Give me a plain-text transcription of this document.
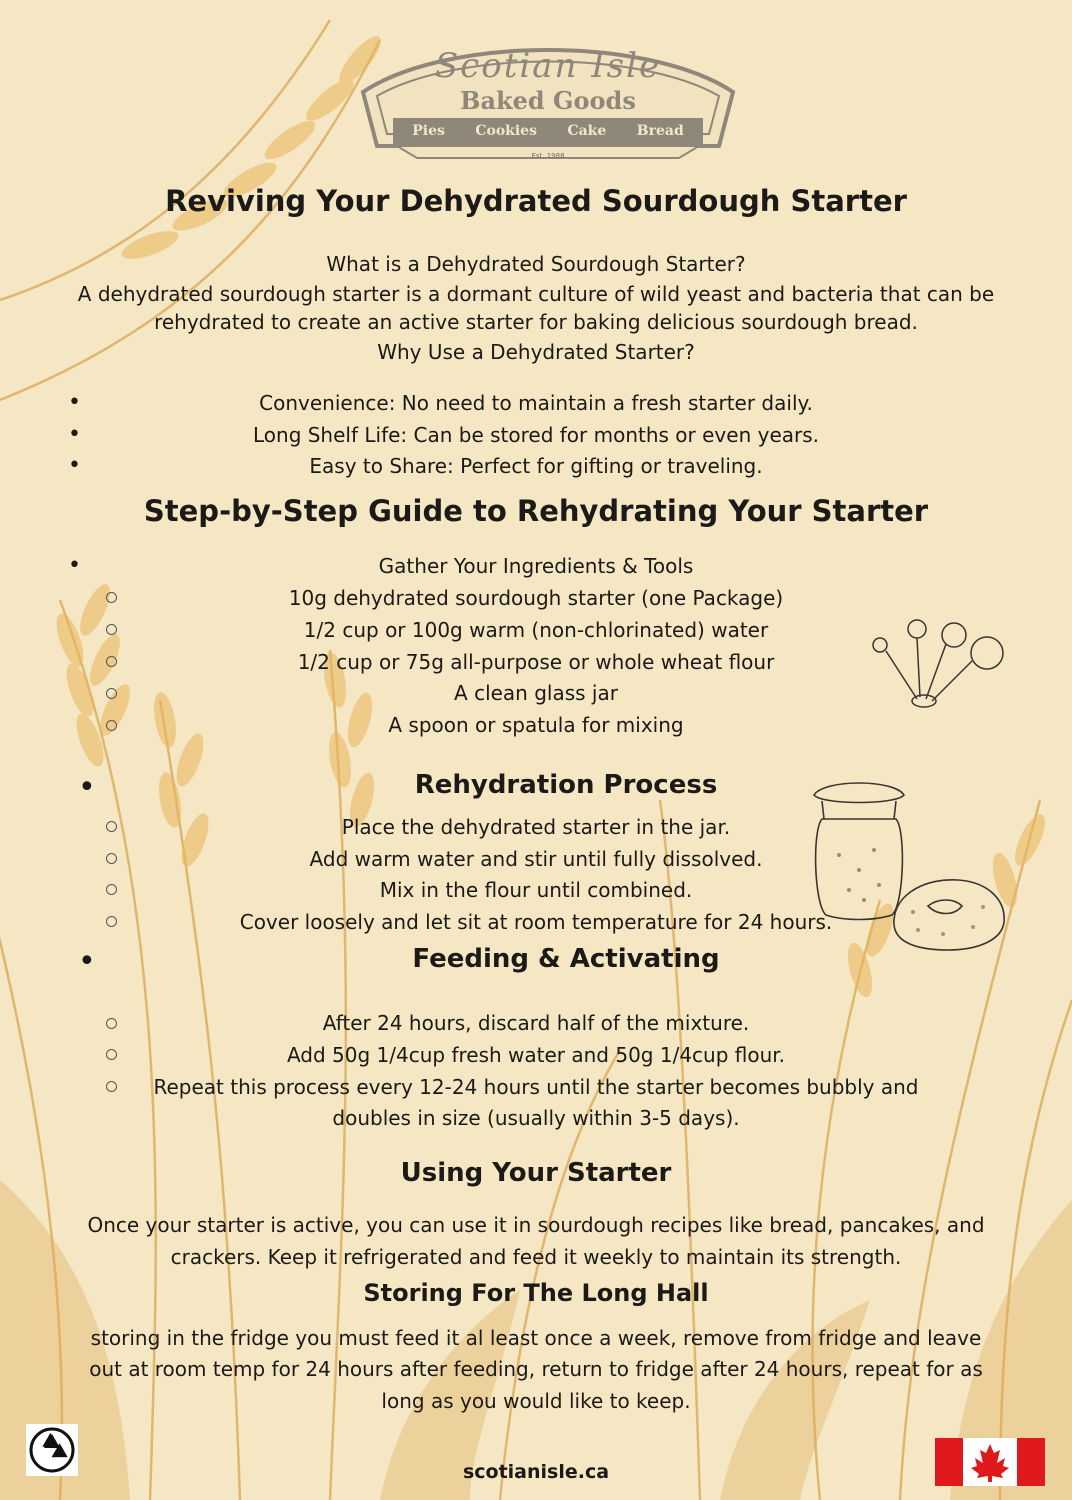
Scotian Isle
Baked Goods
Pies Cookies Cake Bread
Est. 1988
Reviving Your Dehydrated Sourdough Starter
What is a Dehydrated Sourdough Starter?
A dehydrated sourdough starter is a dormant culture of wild yeast and bacteria that can be
rehydrated to create an active starter for baking delicious sourdough bread.
Why Use a Dehydrated Starter?
•	Convenience: No need to maintain a fresh starter daily.
•	Long Shelf Life: Can be stored for months or even years.
•	Easy to Share: Perfect for gifting or traveling.
Step-by-Step Guide to Rehydrating Your Starter
•	Gather Your Ingredients & Tools
10g dehydrated sourdough starter (one Package)
1/2 cup or 100g warm (non-chlorinated) water
1/2 cup or 75g all-purpose or whole wheat flour
A clean glass jar
A spoon or spatula for mixing
•	Rehydration Process
Place the dehydrated starter in the jar.
Add warm water and stir until fully dissolved.
Mix in the flour until combined.
Cover loosely and let sit at room temperature for 24 hours.
•	Feeding & Activating
After 24 hours, discard half of the mixture.
Add 50g 1/4cup fresh water and 50g 1/4cup flour.
Repeat this process every 12-24 hours until the starter becomes bubbly and
doubles in size (usually within 3-5 days).
Using Your Starter
Once your starter is active, you can use it in sourdough recipes like bread, pancakes, and
crackers. Keep it refrigerated and feed it weekly to maintain its strength.
Storing For The Long Hall
storing in the fridge you must feed it al least once a week, remove from fridge and leave
out at room temp for 24 hours after feeding, return to fridge after 24 hours, repeat for as
long as you would like to keep.
scotianisle.ca
